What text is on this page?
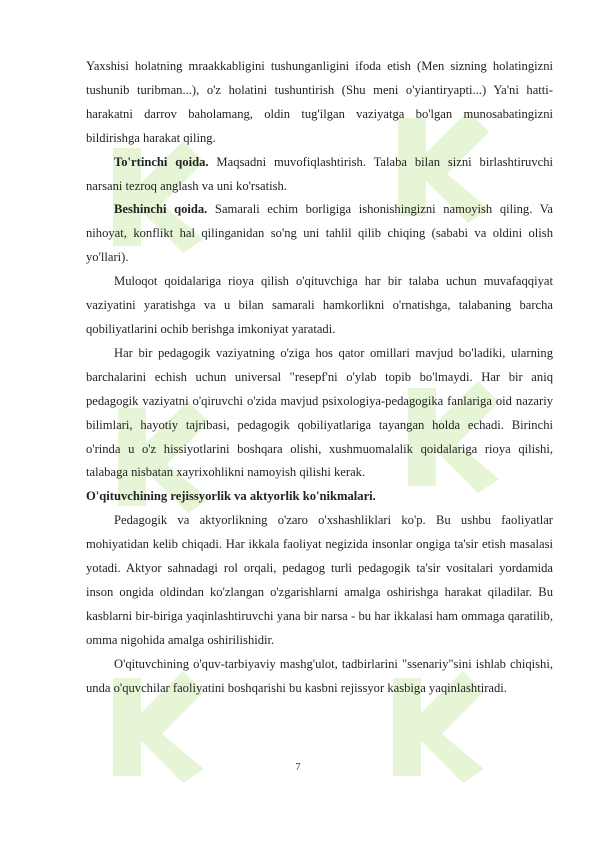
Yaxshisi holatning mraakkabligini tushunganligini ifoda etish (Men sizning holatingizni tushunib turibman...), o'z holatini tushuntirish (Shu meni o'yiantiryapti...) Ya'ni hatti-harakatni darrov baholamang, oldin tug'ilgan vaziyatga bo'lgan munosabatingizni bildirishga harakat qiling.

To'rtinchi qoida. Maqsadni muvofiqlashtirish. Talaba bilan sizni birlashtiruvchi narsani tezroq anglash va uni ko'rsatish.

Beshinchi qoida. Samarali echim borligiga ishonishingizni namoyish qiling. Va nihoyat, konflikt hal qilinganidan so'ng uni tahlil qilib chiqing (sababi va oldini olish yo'llari).

Muloqot qoidalariga rioya qilish o'qituvchiga har bir talaba uchun muvafaqqiyat vaziyatini yaratishga va u bilan samarali hamkorlikni o'rnatishga, talabaning barcha qobiliyatlarini ochib berishga imkoniyat yaratadi.

Har bir pedagogik vaziyatning o'ziga hos qator omillari mavjud bo'ladiki, ularning barchalarini echish uchun universal "resepf'ni o'ylab topib bo'lmaydi. Har bir aniq pedagogik vaziyatni o'qiruvchi o'zida mavjud psixologiya-pedagogika fanlariga oid nazariy bilimlari, hayotiy tajribasi, pedagogik qobiliyatlariga tayangan holda echadi. Birinchi o'rinda u o'z hissiyotlarini boshqara olishi, xushmuomalalik qoidalariga rioya qilishi, talabaga nisbatan xayrixohlikni namoyish qilishi kerak.

O'qituvchining rejissyorlik va aktyorlik ko'nikmalari.

Pedagogik va aktyorlikning o'zaro o'xshashliklari ko'p. Bu ushbu faoliyatlar mohiyatidan kelib chiqadi. Har ikkala faoliyat negizida insonlar ongiga ta'sir etish masalasi yotadi. Aktyor sahnadagi rol orqali, pedagog turli pedagogik ta'sir vositalari yordamida inson ongida oldindan ko'zlangan o'zgarishlarni amalga oshirishga harakat qiladilar. Bu kasblarni bir-biriga yaqinlashtiruvchi yana bir narsa - bu har ikkalasi ham ommaga qaratilib, omma nigohida amalga oshirilishidir.

O'qituvchining o'quv-tarbiyaviy mashg'ulot, tadbirlarini "ssenariy"sini ishlab chiqishi, unda o'quvchilar faoliyatini boshqarishi bu kasbni rejissyor kasbiga yaqinlashtiradi.

7
